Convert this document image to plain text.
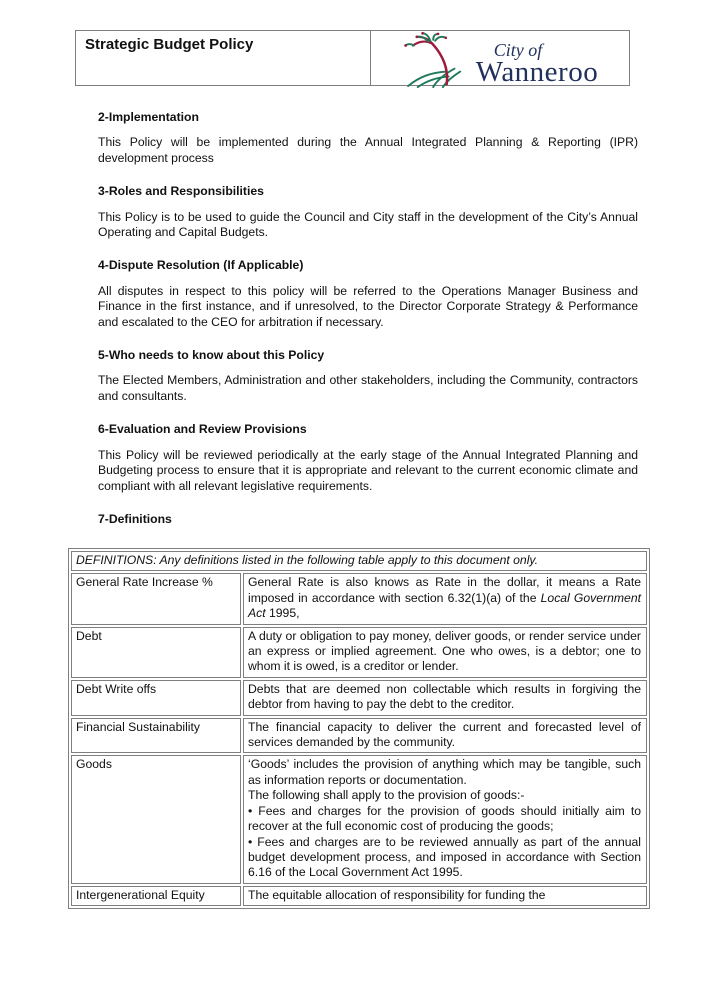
Strategic Budget Policy	City of
Wanneroo
2-Implementation

This Policy will be implemented during the Annual Integrated Planning & Reporting (IPR) development process

3-Roles and Responsibilities

This Policy is to be used to guide the Council and City staff in the development of the City’s Annual Operating and Capital Budgets.

4-Dispute Resolution (If Applicable)

All disputes in respect to this policy will be referred to the Operations Manager Business and Finance in the first instance, and if unresolved, to the Director Corporate Strategy & Performance and escalated to the CEO for arbitration if necessary.

5-Who needs to know about this Policy

The Elected Members, Administration and other stakeholders, including the Community, contractors and consultants.

6-Evaluation and Review Provisions

This Policy will be reviewed periodically at the early stage of the Annual Integrated Planning and Budgeting process to ensure that it is appropriate and relevant to the current economic climate and compliant with all relevant legislative requirements.

7-Definitions
DEFINITIONS: Any definitions listed in the following table apply to this document only.	
General Rate Increase %	General Rate is also knows as Rate in the dollar, it means a Rate imposed in accordance with section 6.32(1)(a) of the Local Government Act 1995,

Debt	A duty or obligation to pay money, deliver goods, or render service under an express or implied agreement. One who owes, is a debtor; one to whom it is owed, is a creditor or lender.

Debt Write offs	Debts that are deemed non collectable which results in forgiving the debtor from having to pay the debt to the creditor.

Financial Sustainability	The financial capacity to deliver the current and forecasted level of services demanded by the community.

Goods	‘Goods’ includes the provision of anything which may be tangible, such as information reports or documentation.
The following shall apply to the provision of goods:-
• Fees and charges for the provision of goods should initially aim to recover at the full economic cost of producing the goods;
• Fees and charges are to be reviewed annually as part of the annual budget development process, and imposed in accordance with Section 6.16 of the Local Government Act 1995.

Intergenerational Equity	The equitable allocation of responsibility for funding the
